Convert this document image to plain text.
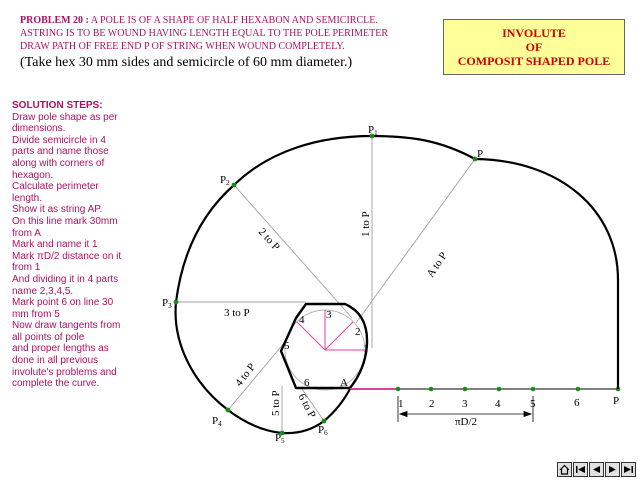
PROBLEM 20 : A POLE IS OF A SHAPE OF HALF HEXABON AND SEMICIRCLE.
ASTRING IS TO BE WOUND HAVING LENGTH EQUAL TO THE POLE PERIMETER
DRAW PATH OF FREE END P OF STRING WHEN WOUND COMPLETELY.
(Take hex 30 mm sides and semicircle of 60 mm diameter.)
INVOLUTE
OF
COMPOSIT SHAPED POLE
SOLUTION STEPS:
Draw pole shape as per
dimensions.
Divide semicircle in 4
parts and name those
along with corners of
hexagon.
Calculate perimeter
length.
Show it as string AP.
On this line mark 30mm
from A
Mark and name it 1
Mark πD/2 distance on it
from 1
And dividing it in 4 parts
name 2,3,4,5.
Mark point 6 on line 30
mm from 5
Now draw tangents from
all points of pole
and proper lengths as
done in all previous
involute's problems and
complete the curve.
P1
P
P2
P3
P4
P5
P6
A
1
2
3
4
5
6
1 to P
2 to P
3 to P
4 to P
5 to P 6 to P
A to P
1 2	3	4	5	6	P
πD/2
